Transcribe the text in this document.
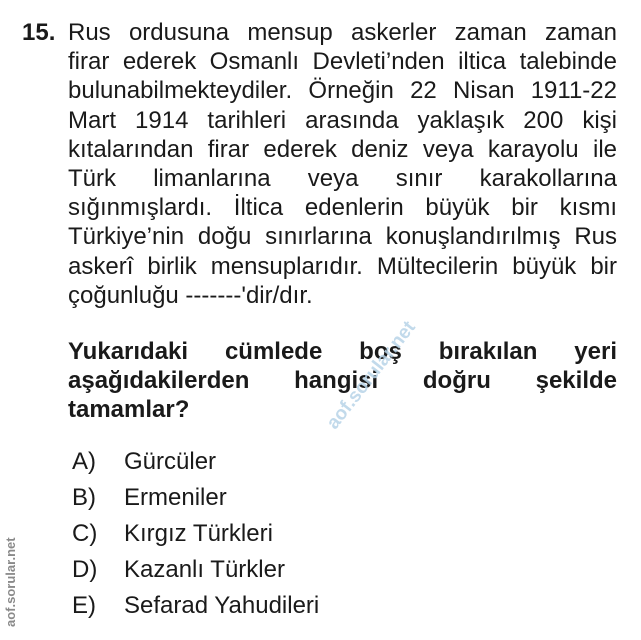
15. Rus ordusuna mensup askerler zaman zaman
firar ederek Osmanlı Devleti’nden iltica talebinde
bulunabilmekteydiler. Örneğin 22 Nisan 1911-22
Mart 1914 tarihleri arasında yaklaşık 200 kişi
kıtalarından firar ederek deniz veya karayolu ile
Türk limanlarına veya sınır karakollarına
sığınmışlardı. İltica edenlerin büyük bir kısmı
Türkiye’nin doğu sınırlarına konuşlandırılmış Rus
askerî birlik mensuplarıdır. Mültecilerin büyük bir
çoğunluğu -------'dir/dır.
Yukarıdaki cümlede boş bırakılan yeri
aşağıdakilerden hangisi doğru şekilde
tamamlar?
A)	Gürcüler
B)	Ermeniler
C)	Kırgız Türkleri
D)	Kazanlı Türkler
E)	Sefarad Yahudileri
aof.sorular.net
aof.sorular.net
